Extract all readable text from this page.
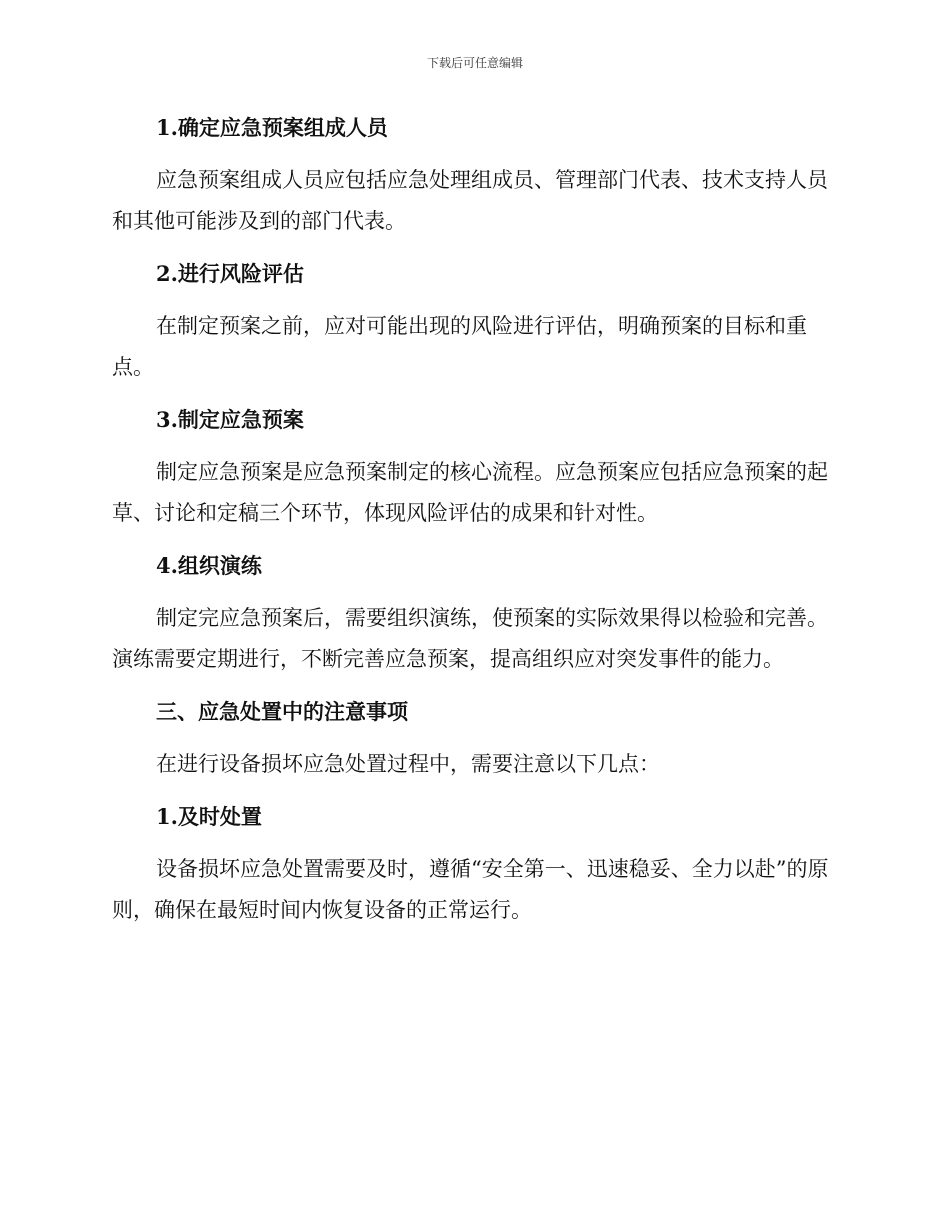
下载后可任意编辑
1.确定应急预案组成人员
应急预案组成人员应包括应急处理组成员、管理部门代表、技术支持人员和其他可能涉及到的部门代表。
2.进行风险评估
在制定预案之前，应对可能出现的风险进行评估，明确预案的目标和重点。
3.制定应急预案
制定应急预案是应急预案制定的核心流程。应急预案应包括应急预案的起草、讨论和定稿三个环节，体现风险评估的成果和针对性。
4.组织演练
制定完应急预案后，需要组织演练，使预案的实际效果得以检验和完善。演练需要定期进行，不断完善应急预案，提高组织应对突发事件的能力。
三、应急处置中的注意事项
在进行设备损坏应急处置过程中，需要注意以下几点：
1.及时处置
设备损坏应急处置需要及时，遵循“安全第一、迅速稳妥、全力以赴”的原则，确保在最短时间内恢复设备的正常运行。
